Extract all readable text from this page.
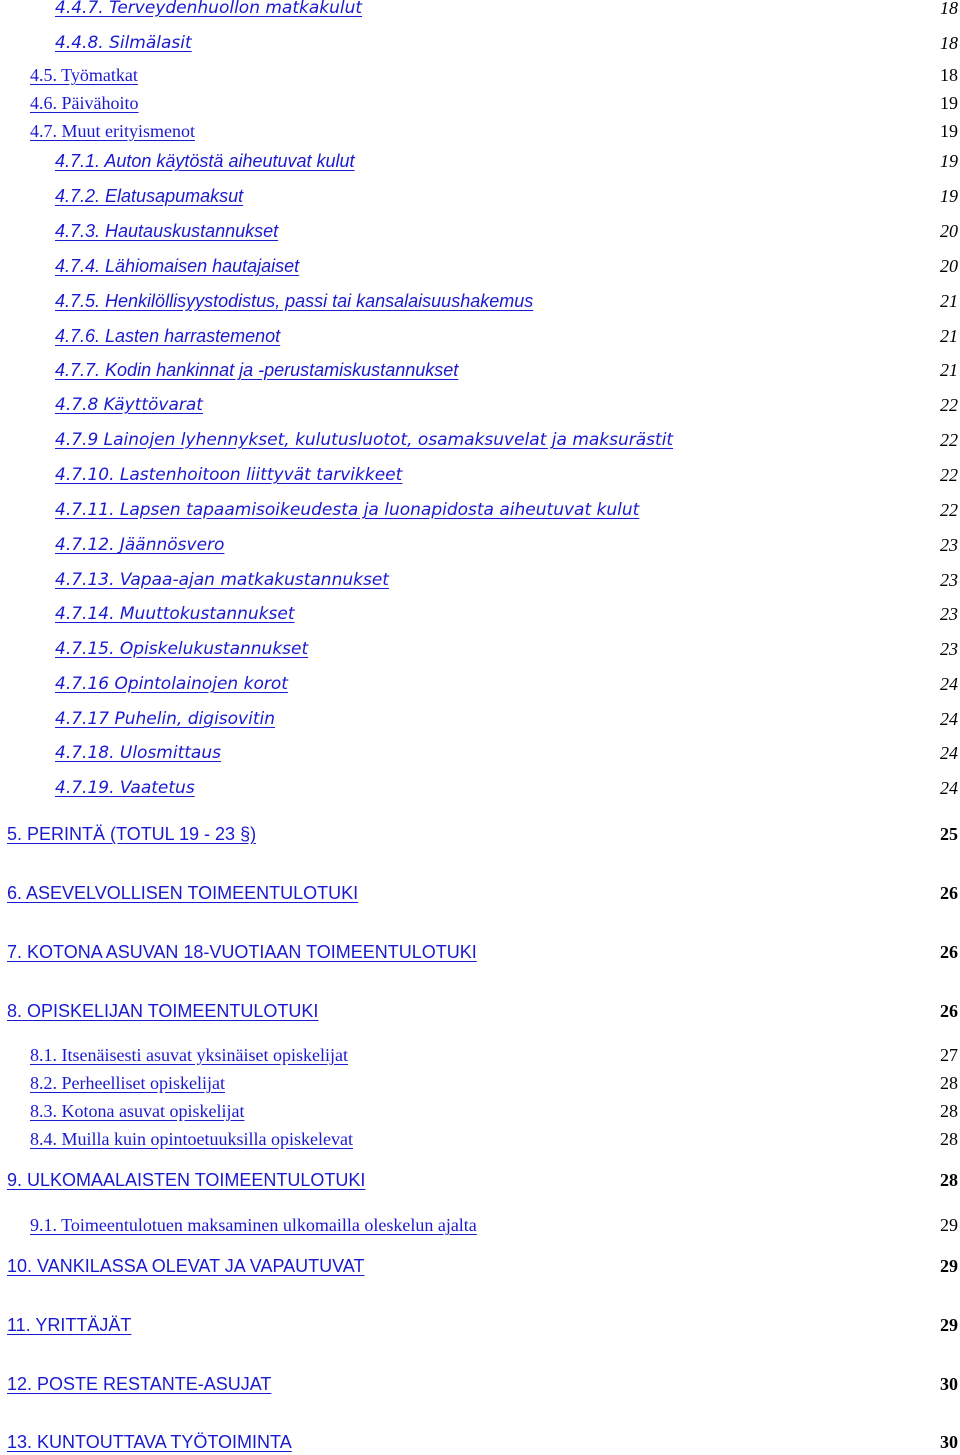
4.4.7. Terveydenhuollon matkakulut	18
4.4.8. Silmälasit	18
4.5. Työmatkat	18
4.6. Päivähoito	19
4.7. Muut erityismenot	19
4.7.1. Auton käytöstä aiheutuvat kulut	19
4.7.2. Elatusapumaksut	19
4.7.3. Hautauskustannukset	20
4.7.4. Lähiomaisen hautajaiset	20
4.7.5. Henkilöllisyystodistus, passi tai kansalaisuushakemus	21
4.7.6. Lasten harrastemenot	21
4.7.7. Kodin hankinnat ja -perustamiskustannukset	21
4.7.8 Käyttövarat	22
4.7.9 Lainojen lyhennykset, kulutusluotot, osamaksuvelat ja maksurästit	22
4.7.10. Lastenhoitoon liittyvät tarvikkeet	22
4.7.11. Lapsen tapaamisoikeudesta ja luonapidosta aiheutuvat kulut	22
4.7.12. Jäännösvero	23
4.7.13. Vapaa-ajan matkakustannukset	23
4.7.14. Muuttokustannukset	23
4.7.15. Opiskelukustannukset	23
4.7.16 Opintolainojen korot	24
4.7.17 Puhelin, digisovitin	24
4.7.18. Ulosmittaus	24
4.7.19. Vaatetus	24
5. PERINTÄ (TOTUL 19 - 23 §)	25
6. ASEVELVOLLISEN TOIMEENTULOTUKI	26
7. KOTONA ASUVAN 18-VUOTIAAN TOIMEENTULOTUKI	26
8. OPISKELIJAN TOIMEENTULOTUKI	26
8.1. Itsenäisesti asuvat yksinäiset opiskelijat	27
8.2. Perheelliset opiskelijat	28
8.3. Kotona asuvat opiskelijat	28
8.4. Muilla kuin opintoetuuksilla opiskelevat	28
9. ULKOMAALAISTEN TOIMEENTULOTUKI	28
9.1. Toimeentulotuen maksaminen ulkomailla oleskelun ajalta	29
10. VANKILASSA OLEVAT JA VAPAUTUVAT	29
11. YRITTÄJÄT	29
12. POSTE RESTANTE-ASUJAT	30
13. KUNTOUTTAVA TYÖTOIMINTA	30
